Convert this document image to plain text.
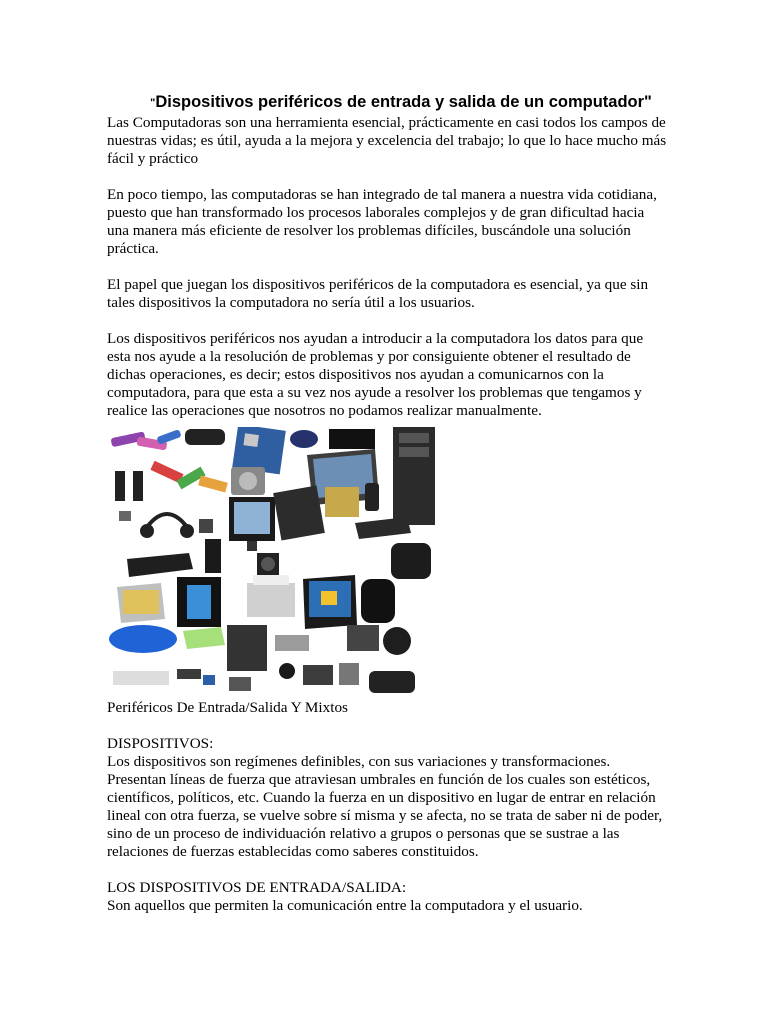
"Dispositivos periféricos de entrada y salida de un computador"

Las Computadoras son una herramienta esencial, prácticamente en casi todos los campos de nuestras vidas; es útil, ayuda a la mejora y excelencia del trabajo; lo que lo hace mucho más fácil y práctico

En poco tiempo, las computadoras se han integrado de tal manera a nuestra vida cotidiana, puesto que han transformado los procesos laborales complejos y de gran dificultad hacia una manera más eficiente de resolver los problemas difíciles, buscándole una solución práctica.

El papel que juegan los dispositivos periféricos de la computadora es esencial, ya que sin tales dispositivos la computadora no sería útil a los usuarios.

Los dispositivos periféricos nos ayudan a introducir a la computadora los datos para que esta nos ayude a la resolución de problemas y por consiguiente obtener el resultado de dichas operaciones, es decir; estos dispositivos nos ayudan a comunicarnos con la computadora, para que esta a su vez nos ayude a resolver los problemas que tengamos y realice las operaciones que nosotros no podamos realizar manualmente.

Periféricos De Entrada/Salida Y Mixtos

DISPOSITIVOS:

Los dispositivos son regímenes definibles, con sus variaciones y transformaciones. Presentan líneas de fuerza que atraviesan umbrales en función de los cuales son estéticos, científicos, políticos, etc. Cuando la fuerza en un dispositivo en lugar de entrar en relación lineal con otra fuerza, se vuelve sobre sí misma y se afecta, no se trata de saber ni de poder, sino de un proceso de individuación relativo a grupos o personas que se sustrae a las relaciones de fuerzas establecidas como saberes constituidos.

LOS DISPOSITIVOS DE ENTRADA/SALIDA:

Son aquellos que permiten la comunicación entre la computadora y el usuario.
